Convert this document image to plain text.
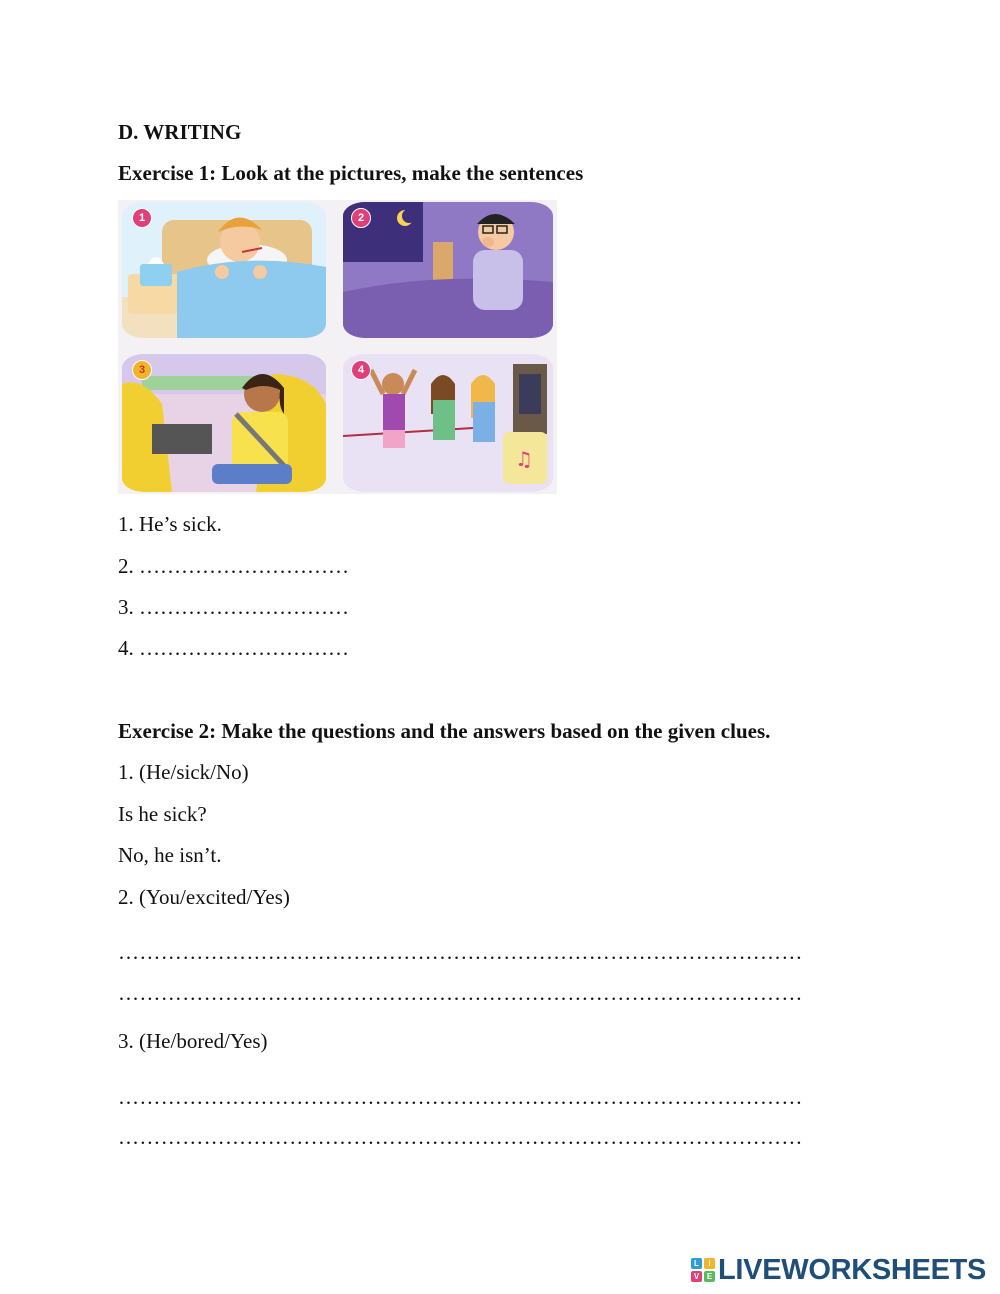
D. WRITING
Exercise 1: Look at the pictures, make the sentences
1	2
3
♫
4
1. He’s sick.
2. …………………………
3. …………………………
4. …………………………
Exercise 2: Make the questions and the answers based on the given clues.
1. (He/sick/No)
Is he sick?
No, he isn’t.
2. (You/excited/Yes)
……………………………………………………………………………………
……………………………………………………………………………………
3. (He/bored/Yes)
……………………………………………………………………………………
……………………………………………………………………………………
L	i
V E LIVEWORKSHEETS
